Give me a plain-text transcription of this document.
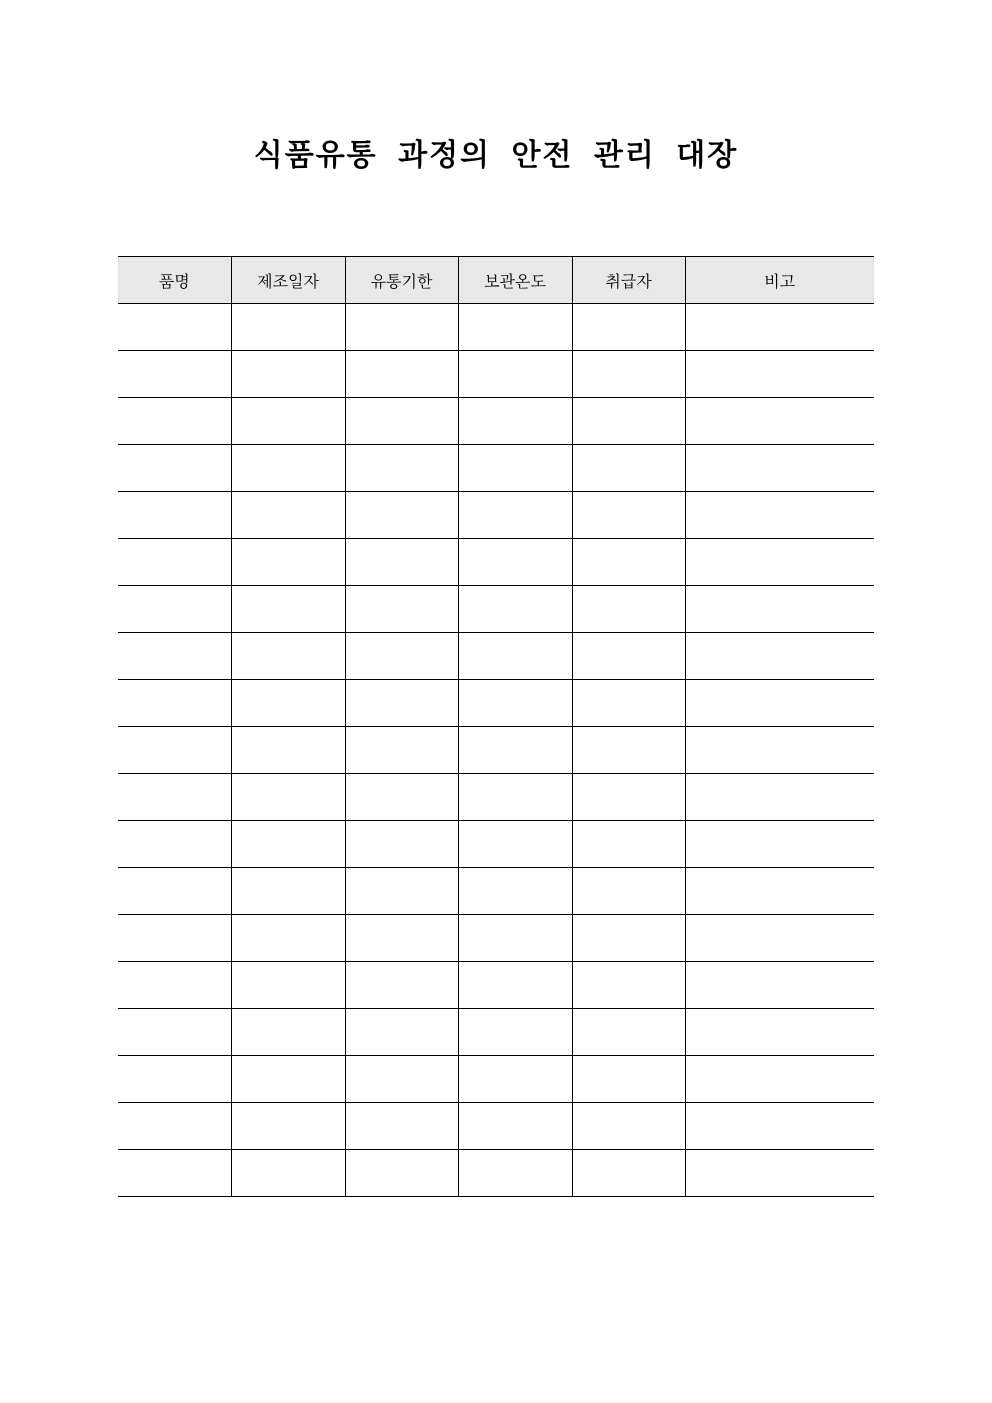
식품유통 과정의 안전 관리 대장
품명	제조일자	유통기한	보관온도	취급자	비고
